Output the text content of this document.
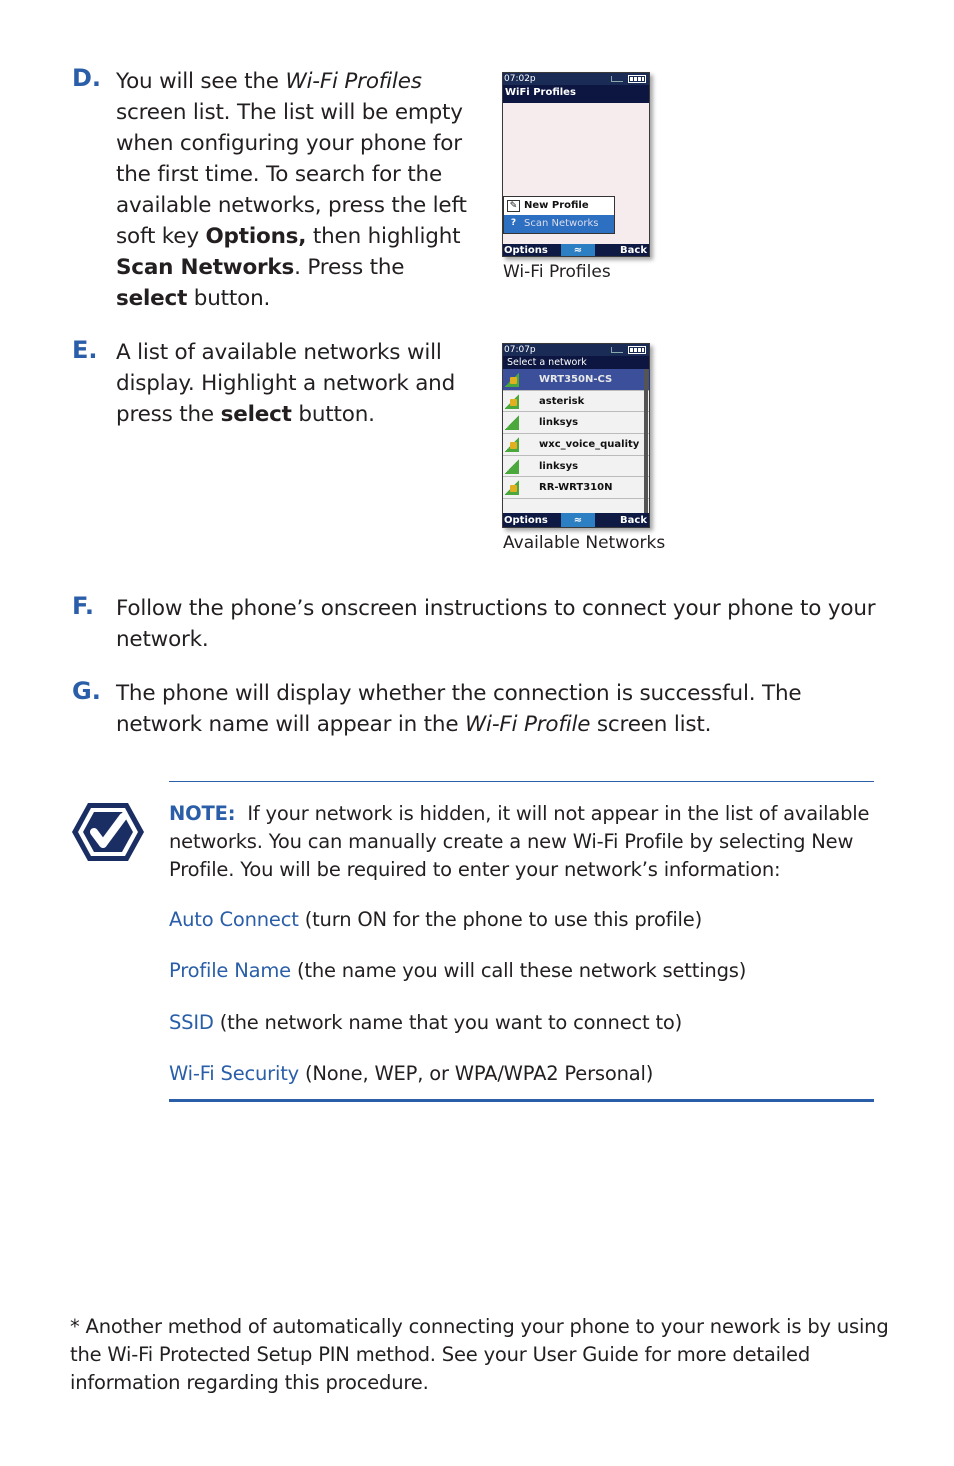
D. You will see the Wi-Fi Profiles screen list. The list will be empty when configuring your phone for the first time. To search for the available networks, press the left soft key Options, then highlight Scan Networks. Press the select button.
07:02p
WiFi Profiles
✎ New Profile
? Scan Networks
Options	≈	Back
Wi-Fi Profiles
E. A list of available networks will display. Highlight a network and press the select button.
07:07p
Select a network
WRT350N-CS
asterisk
linksys
wxc_voice_quality
linksys
RR-WRT310N
Options	≈	Back
Available Networks
F. Follow the phone’s onscreen instructions to connect your phone to your network.
G. The phone will display whether the connection is successful. The network name will appear in the Wi-Fi Profile screen list.
NOTE: If your network is hidden, it will not appear in the list of available networks. You can manually create a new Wi-Fi Profile by selecting New Profile. You will be required to enter your network’s information:
Auto Connect (turn ON for the phone to use this profile)
Profile Name (the name you will call these network settings)
SSID (the network name that you want to connect to)
Wi-Fi Security (None, WEP, or WPA/WPA2 Personal)
* Another method of automatically connecting your phone to your nework is by using the Wi-Fi Protected Setup PIN method. See your User Guide for more detailed information regarding this procedure.
